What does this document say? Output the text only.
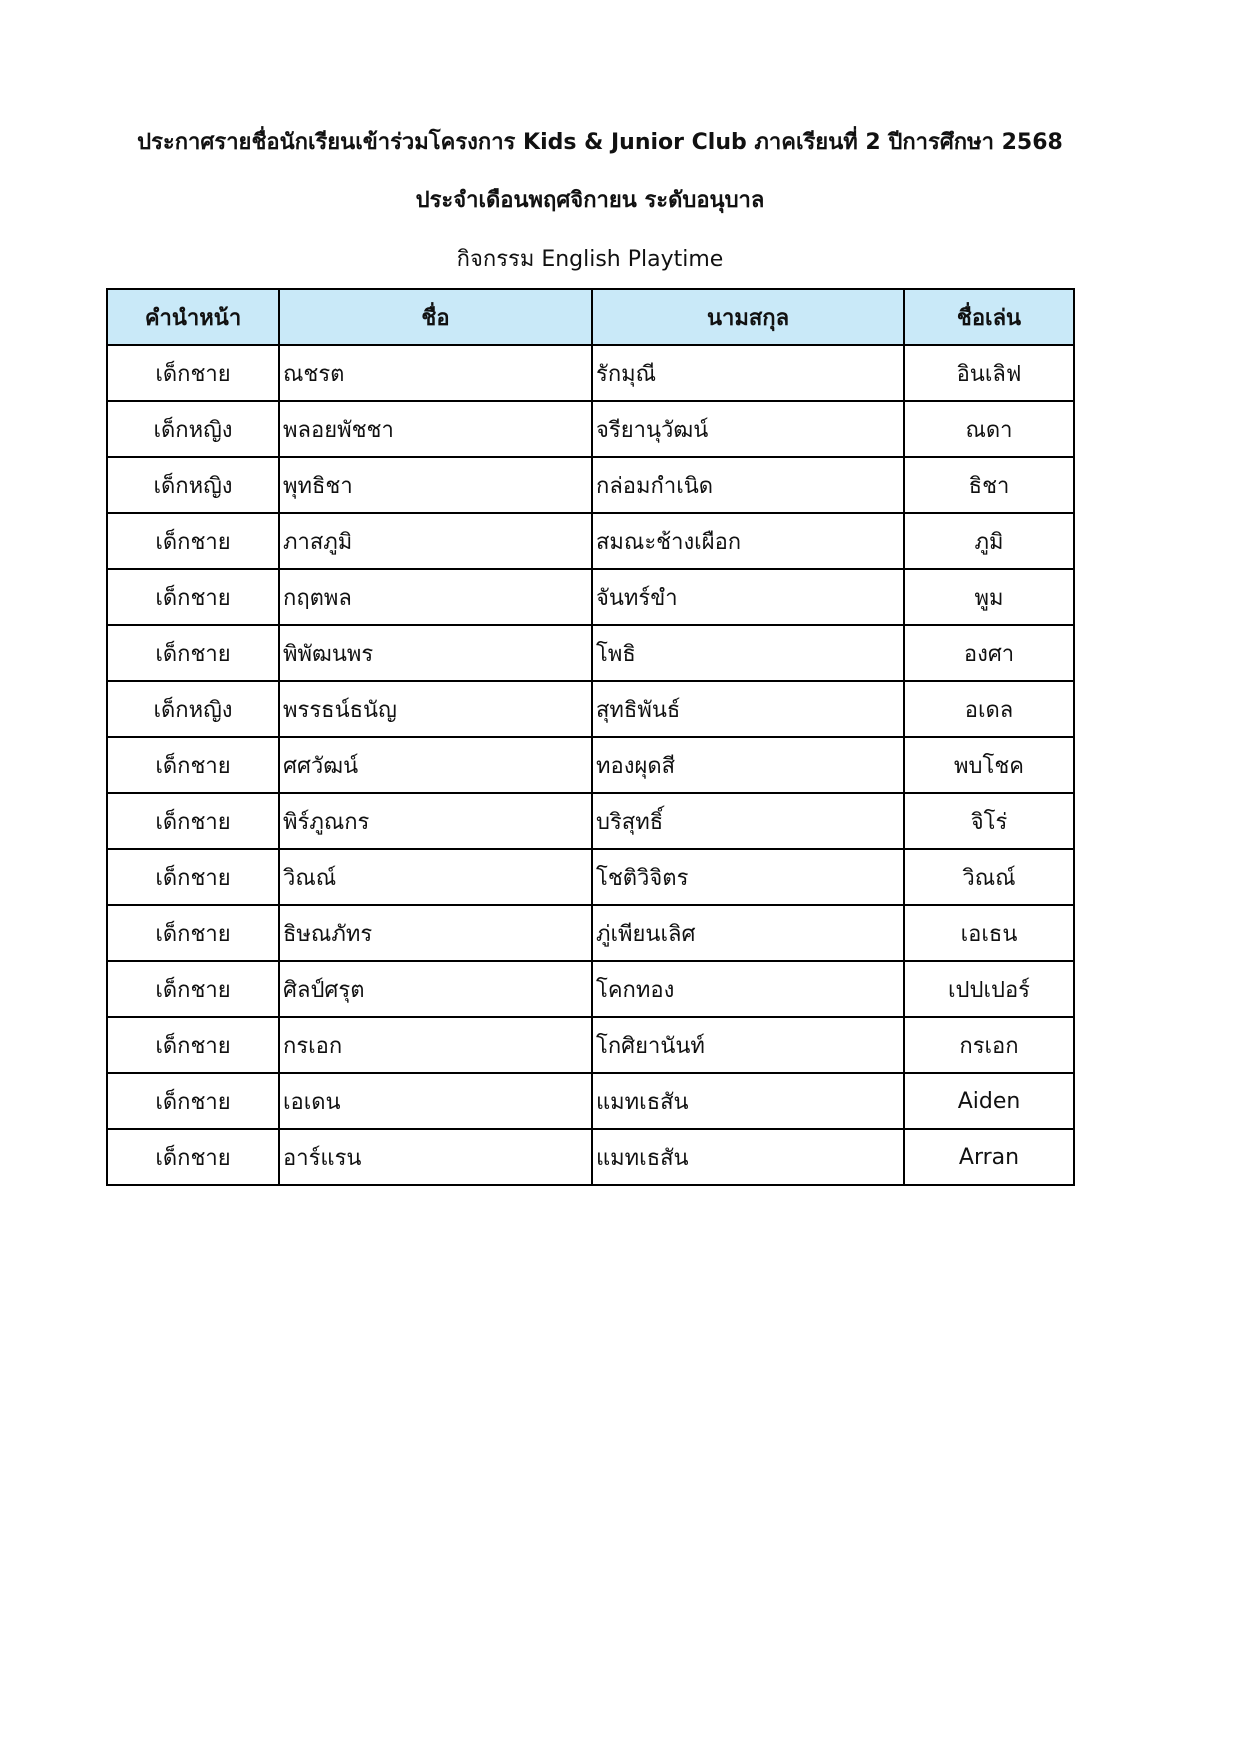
ประกาศรายชื่อนักเรียนเข้าร่วมโครงการ Kids & Junior Club ภาคเรียนที่ 2 ปีการศึกษา 2568
ประจำเดือนพฤศจิกายน ระดับอนุบาล
กิจกรรม English Playtime
คำนำหน้า	ชื่อ	นามสกุล	ชื่อเล่น
เด็กชาย	ณชรต	รักมุณี	อินเลิฟ
เด็กหญิง	พลอยพัชชา	จรียานุวัฒน์	ณดา
เด็กหญิง	พุทธิชา	กล่อมกำเนิด	ธิชา
เด็กชาย	ภาสภูมิ	สมณะช้างเผือก	ภูมิ
เด็กชาย	กฤตพล	จันทร์ขำ	พูม
เด็กชาย	พิพัฒนพร	โพธิ	องศา
เด็กหญิง	พรรธน์ธนัญ	สุทธิพันธ์	อเดล
เด็กชาย	ศศวัฒน์	ทองผุดสี	พบโชค
เด็กชาย	พิร์ภูณกร	บริสุทธิ์	จิโร่
เด็กชาย	วิณณ์	โชติวิจิตร	วิณณ์
เด็กชาย	ธิษณภัทร	ภู่เพียนเลิศ	เอเธน
เด็กชาย	ศิลป์ศรุต	โคกทอง	เปปเปอร์
เด็กชาย	กรเอก	โกศิยานันท์	กรเอก
เด็กชาย	เอเดน	แมทเธสัน	Aiden
เด็กชาย	อาร์แรน	แมทเธสัน	Arran
